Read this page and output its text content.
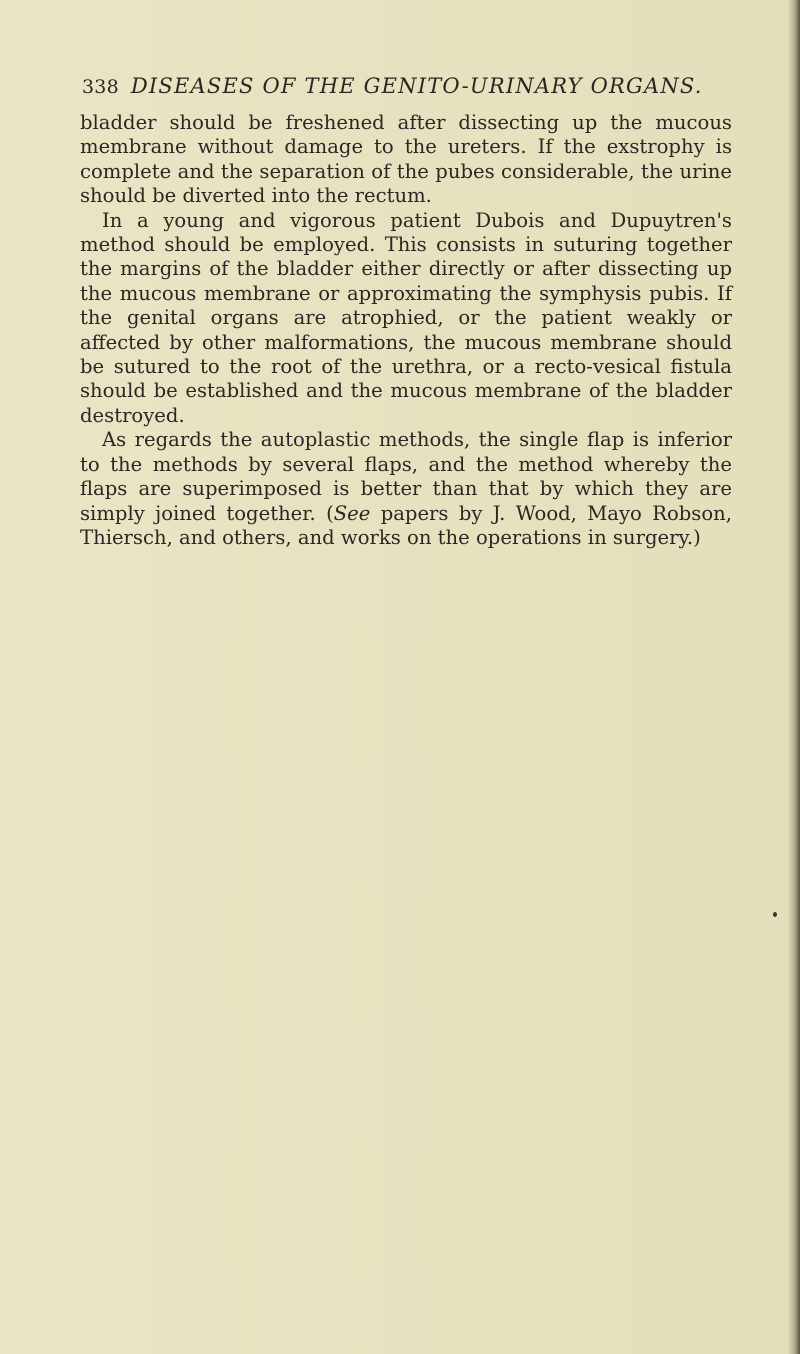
338 DISEASES OF THE GENITO-URINARY ORGANS.

bladder should be freshened after dissecting up the mucous membrane without damage to the ureters. If the exstrophy is complete and the separation of the pubes considerable, the urine should be diverted into the rectum.

In a young and vigorous patient Dubois and Dupuytren's method should be employed. This consists in suturing together the margins of the bladder either directly or after dissecting up the mucous membrane or approximating the symphysis pubis. If the genital organs are atrophied, or the patient weakly or affected by other malformations, the mucous membrane should be sutured to the root of the urethra, or a recto-vesical fistula should be established and the mucous membrane of the bladder destroyed.

As regards the autoplastic methods, the single flap is inferior to the methods by several flaps, and the method whereby the flaps are superimposed is better than that by which they are simply joined together. (See papers by J. Wood, Mayo Robson, Thiersch, and others, and works on the operations in surgery.)
